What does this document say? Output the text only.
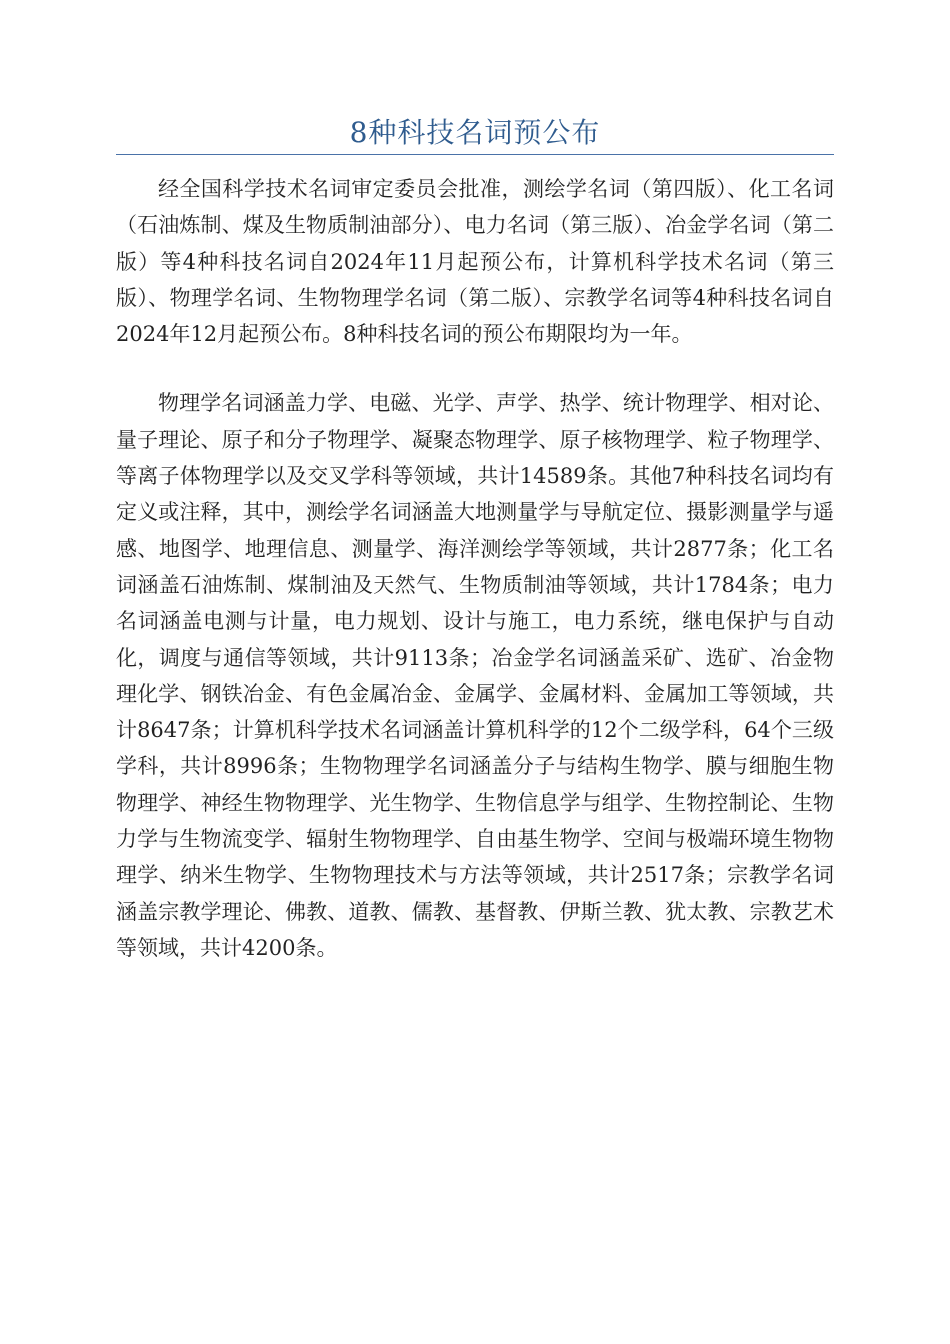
8种科技名词预公布

经全国科学技术名词审定委员会批准，测绘学名词（第四版）、化工名词（石油炼制、煤及生物质制油部分）、电力名词（第三版）、冶金学名词（第二版）等4种科技名词自2024年11月起预公布，计算机科学技术名词（第三版）、物理学名词、生物物理学名词（第二版）、宗教学名词等4种科技名词自2024年12月起预公布。8种科技名词的预公布期限均为一年。

物理学名词涵盖力学、电磁、光学、声学、热学、统计物理学、相对论、量子理论、原子和分子物理学、凝聚态物理学、原子核物理学、粒子物理学、等离子体物理学以及交叉学科等领域，共计14589条。其他7种科技名词均有定义或注释，其中，测绘学名词涵盖大地测量学与导航定位、摄影测量学与遥感、地图学、地理信息、测量学、海洋测绘学等领域，共计2877条；化工名词涵盖石油炼制、煤制油及天然气、生物质制油等领域，共计1784条；电力名词涵盖电测与计量，电力规划、设计与施工，电力系统，继电保护与自动化，调度与通信等领域，共计9113条；冶金学名词涵盖采矿、选矿、冶金物理化学、钢铁冶金、有色金属冶金、金属学、金属材料、金属加工等领域，共计8647条；计算机科学技术名词涵盖计算机科学的12个二级学科，64个三级学科，共计8996条；生物物理学名词涵盖分子与结构生物学、膜与细胞生物物理学、神经生物物理学、光生物学、生物信息学与组学、生物控制论、生物力学与生物流变学、辐射生物物理学、自由基生物学、空间与极端环境生物物理学、纳米生物学、生物物理技术与方法等领域，共计2517条；宗教学名词涵盖宗教学理论、佛教、道教、儒教、基督教、伊斯兰教、犹太教、宗教艺术等领域，共计4200条。
